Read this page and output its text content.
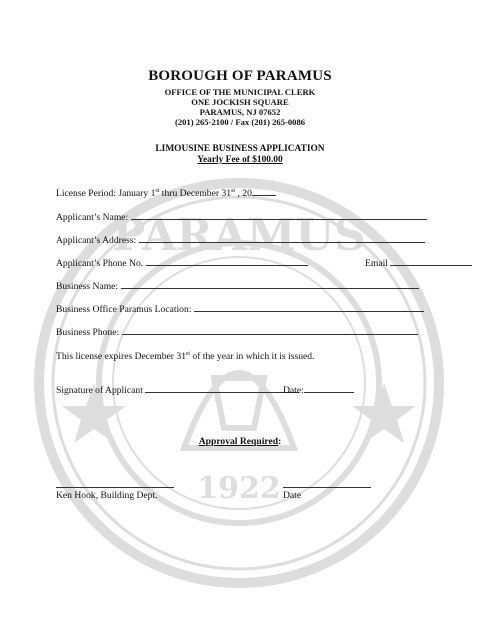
PARAMUS
1922
BOROUGH OF PARAMUS
OFFICE OF THE MUNICIPAL CLERK
ONE JOCKISH SQUARE
PARAMUS, NJ 07652
(201) 265-2100 / Fax (201) 265-0086
LIMOUSINE BUSINESS APPLICATION
Yearly Fee of $100.00
License Period: January 1st thru December 31st , 20
Applicant’s Name:
Applicant’s Address:
Applicant’s Phone No.	Email
Business Name:
Business Office Paramus Location:
Business Phone:
This license expires December 31st of the year in which it is issued.
Signature of Applicant	Date:
Approval Required:
Ken Hook, Building Dept.	Date
